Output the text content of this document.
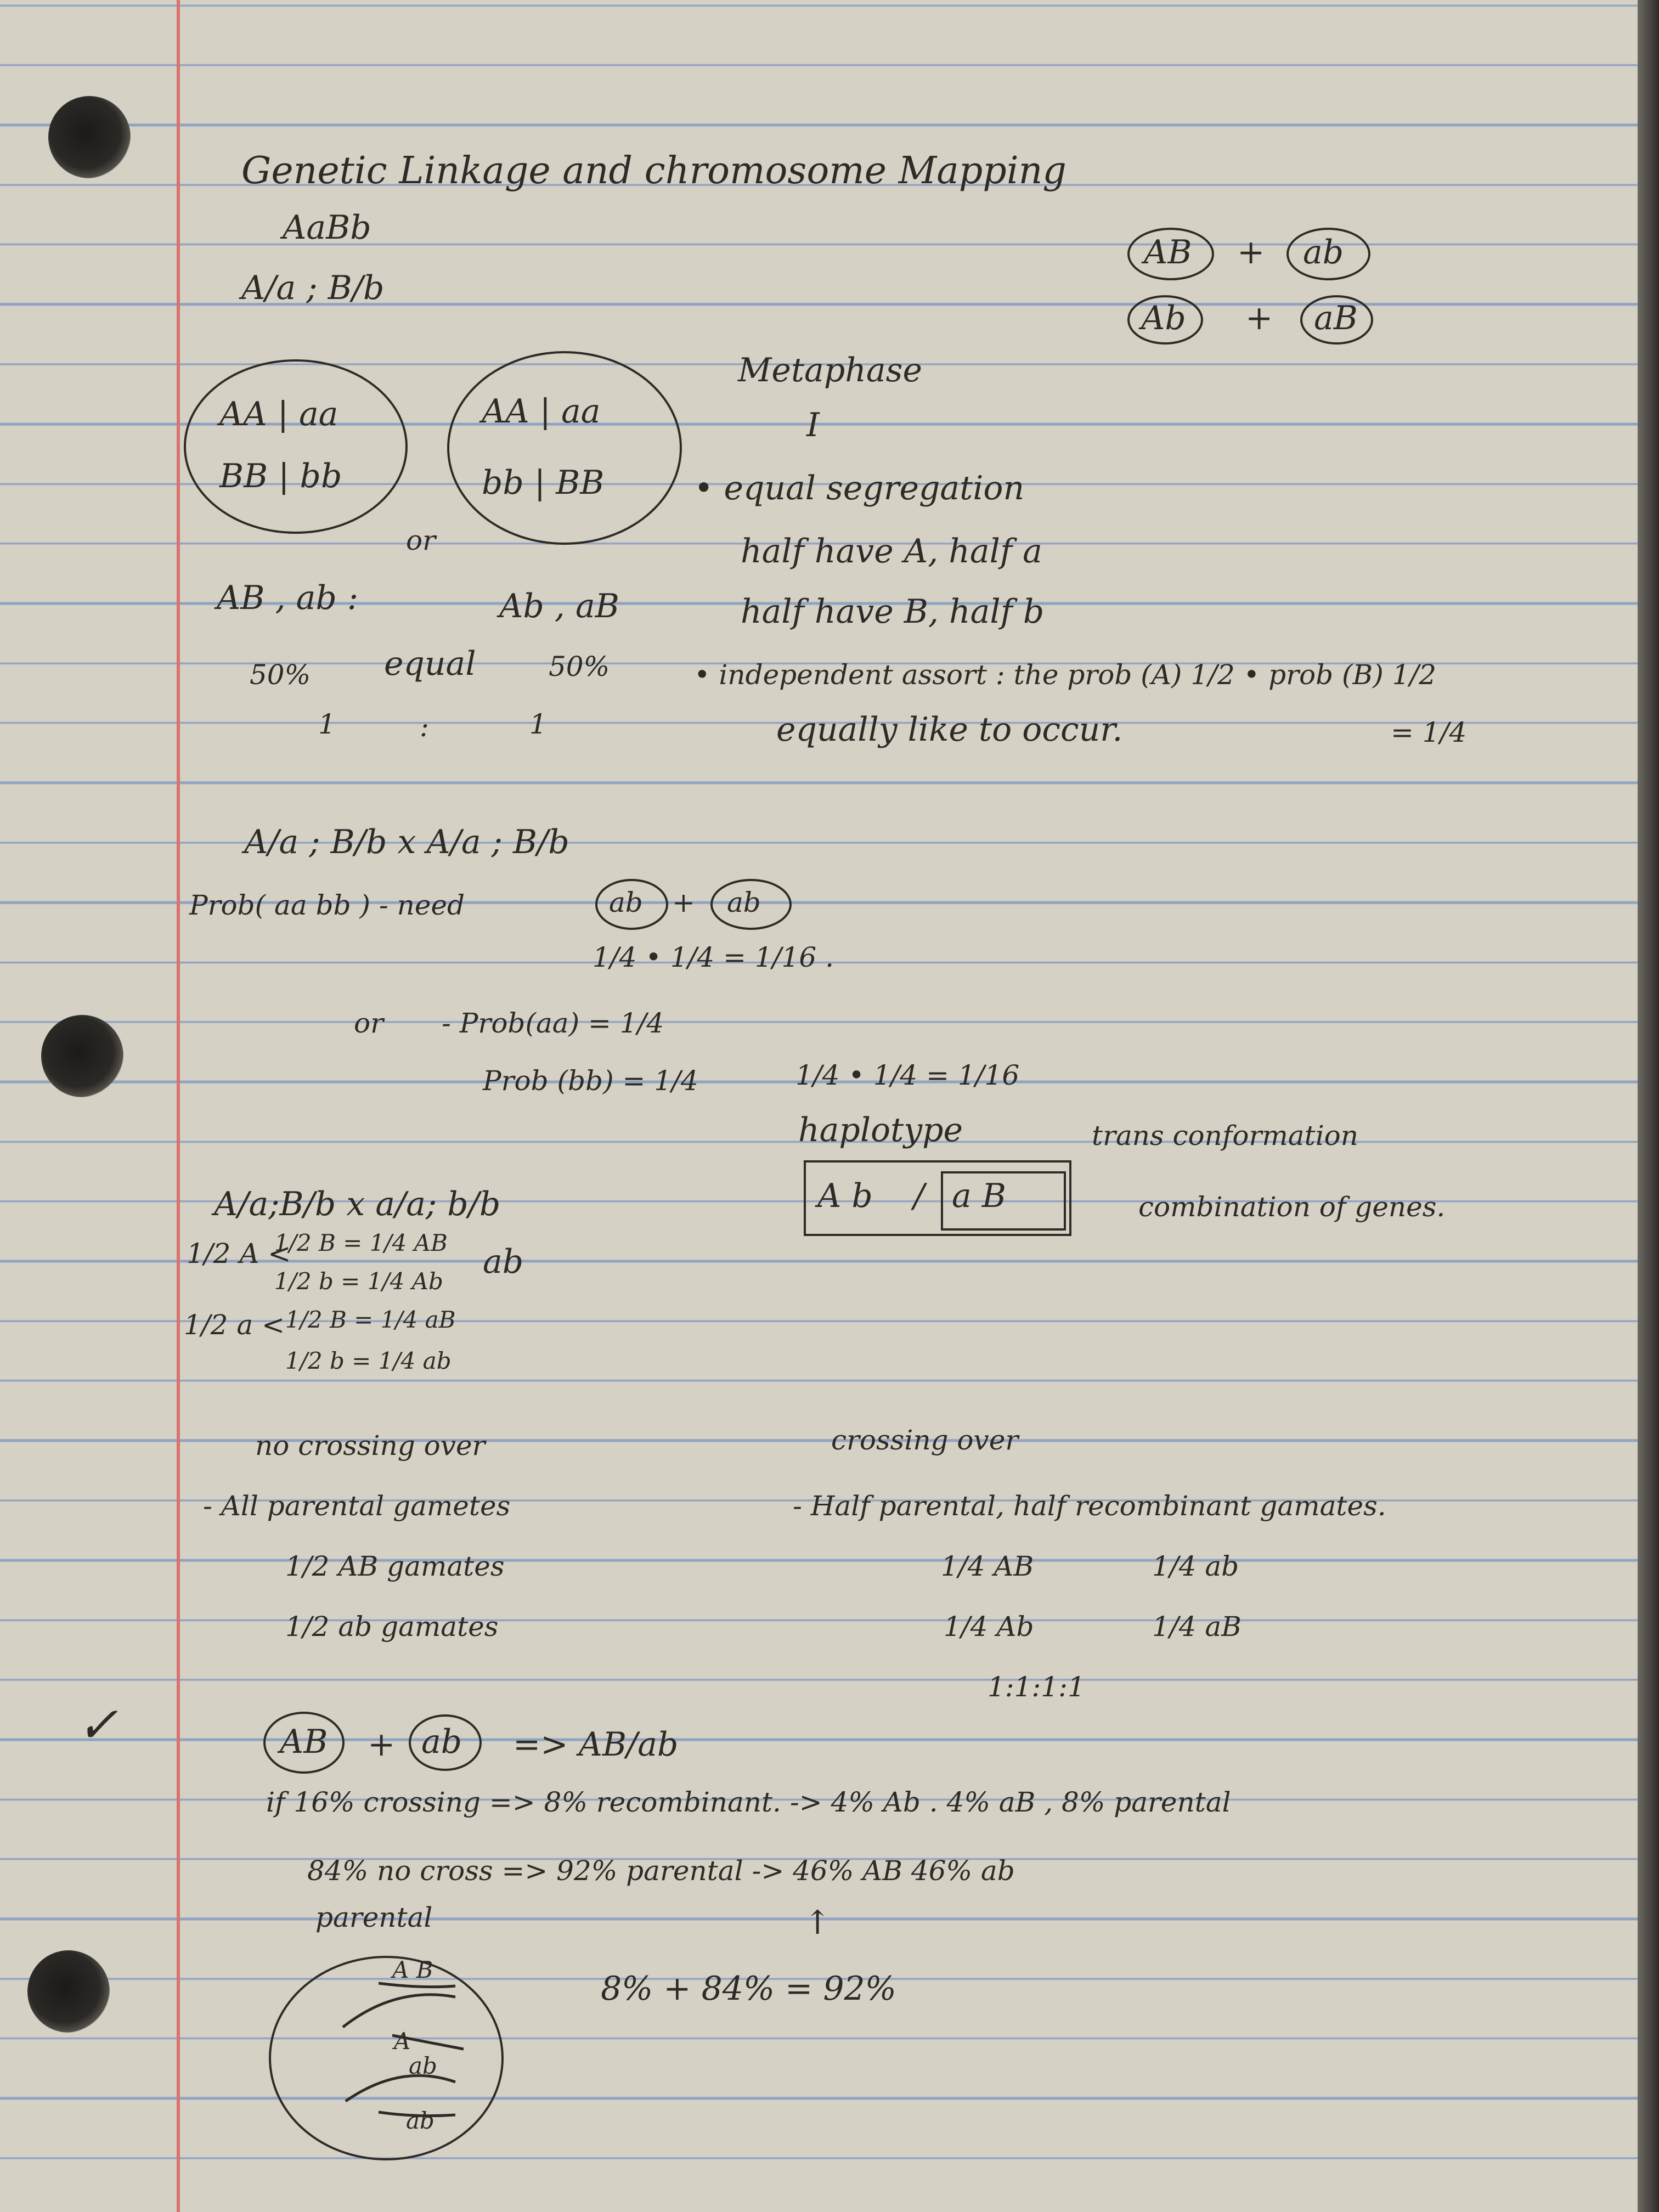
Genetic Linkage and chromosome Mapping
AaBb
A/a ; B/b
AB + ab
Ab + aB
AA | aa
BB | bb
AA | aa
bb | BB
or
Metaphase
I
• equal segregation
half have A, half a
half have B, half b
AB , ab :	Ab , aB
50% equal	50%
1	:	1
• independent assort : the prob (A) 1/2 • prob (B) 1/2
equally like to occur.	= 1/4
A/a ; B/b x A/a ; B/b
Prob( aa bb ) - need	ab + ab
1/4 • 1/4 = 1/16 .
or - Prob(aa) = 1/4
Prob (bb) = 1/4	1/4 • 1/4 = 1/16
haplotype	trans conformation
A b / a B	combination of genes.
A/a;B/b x a/a; b/b
1/2 A <
1/2 B = 1/4 AB
1/2 b = 1/4 Ab
ab
1/2 a < 1/2 B = 1/4 aB
1/2 b = 1/4 ab
no crossing over	crossing over
- All parental gametes	- Half parental, half recombinant gamates.
1/2 AB gamates
1/2 ab gamates
1/4 AB	1/4 ab
1/4 Ab	1/4 aB
1:1:1:1
✓	AB + ab => AB/ab
if 16% crossing => 8% recombinant. -> 4% Ab . 4% aB , 8% parental
84% no cross => 92% parental -> 46% AB 46% ab
parental	↑
8% + 84% = 92%
A B
A
ab
ab
